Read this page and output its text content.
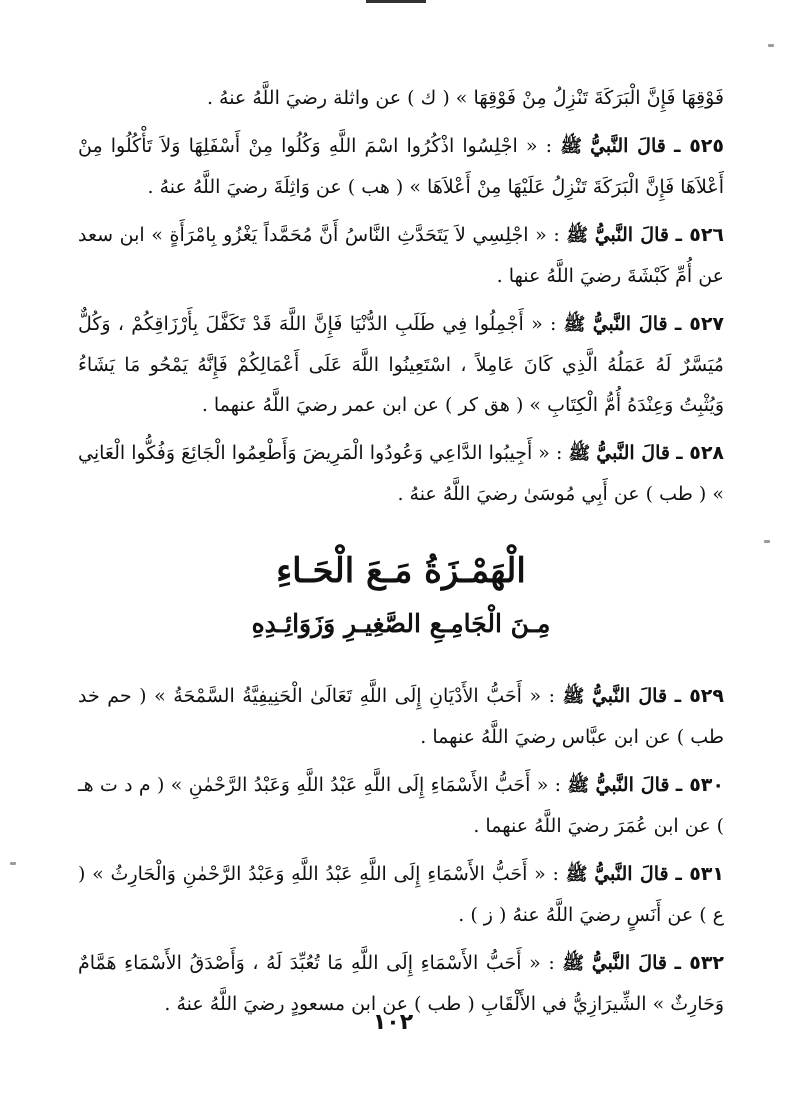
فَوْقِهَا فَإِنَّ الْبَرَكَةَ تَنْزِلُ مِنْ فَوْقِهَا » ( ك ) عن واثلة رضيَ اللَّهُ عنهُ .

٥٢٥ ـ قالَ النَّبيُّ ﷺ : « اجْلِسُوا اذْكُرُوا اسْمَ اللَّهِ وَكُلُوا مِنْ أَسْفَلِهَا وَلاَ تَأْكُلُوا مِنْ أَعْلاَهَا فَإِنَّ الْبَرَكَةَ تَنْزِلُ عَلَيْهَا مِنْ أَعْلاَهَا » ( هب ) عن وَاثِلَةَ رضيَ اللَّهُ عنهُ .

٥٢٦ ـ قالَ النَّبيُّ ﷺ : « اجْلِسِي لاَ يَتَحَدَّثِ النَّاسُ أَنَّ مُحَمَّداً يَغْزُو بِامْرَأَةٍ » ابن سعد عن أُمِّ كَبْشَةَ رضيَ اللَّهُ عنها .

٥٢٧ ـ قالَ النَّبيُّ ﷺ : « أَجْمِلُوا فِي طَلَبِ الدُّنْيَا فَإِنَّ اللَّهَ قَدْ تَكَفَّلَ بِأَرْزَاقِكُمْ ، وَكُلٌّ مُيَسَّرٌ لَهُ عَمَلُهُ الَّذِي كَانَ عَامِلاً ، اسْتَعِينُوا اللَّهَ عَلَى أَعْمَالِكُمْ فَإِنَّهُ يَمْحُو مَا يَشَاءُ وَيُثْبِتُ وَعِنْدَهُ أُمُّ الْكِتَابِ » ( هق كر ) عن ابن عمر رضيَ اللَّهُ عنهما .

٥٢٨ ـ قالَ النَّبيُّ ﷺ : « أَجِيبُوا الدَّاعِي وَعُودُوا الْمَرِيضَ وَأَطْعِمُوا الْجَائِعَ وَفُكُّوا الْعَانِي » ( طب ) عن أَبِي مُوسَىٰ رضيَ اللَّهُ عنهُ .

الْهَمْـزَةُ مَـعَ الْحَـاءِ
مِـنَ الْجَامِـعِ الصَّغِيـرِ وَزَوَائِـدِهِ

٥٢٩ ـ قالَ النَّبيُّ ﷺ : « أَحَبُّ الأَدْيَانِ إِلَى اللَّهِ تَعَالَىٰ الْحَنِيفِيَّةُ السَّمْحَةُ » ( حم خد طب ) عن ابن عبَّاس رضيَ اللَّهُ عنهما .

٥٣٠ ـ قالَ النَّبيُّ ﷺ : « أَحَبُّ الأَسْمَاءِ إِلَى اللَّهِ عَبْدُ اللَّهِ وَعَبْدُ الرَّحْمٰنِ » ( م د ت هـ ) عن ابن عُمَرَ رضيَ اللَّهُ عنهما .

٥٣١ ـ قالَ النَّبيُّ ﷺ : « أَحَبُّ الأَسْمَاءِ إِلَى اللَّهِ عَبْدُ اللَّهِ وَعَبْدُ الرَّحْمٰنِ وَالْحَارِثُ » ( ع ) عن أَنَسٍ رضيَ اللَّهُ عنهُ ( ز ) .

٥٣٢ ـ قالَ النَّبيُّ ﷺ : « أَحَبُّ الأَسْمَاءِ إِلَى اللَّهِ مَا تُعُبِّدَ لَهُ ، وَأَصْدَقُ الأَسْمَاءِ هَمَّامٌ وَحَارِثٌ » الشِّيرَازِيُّ في الأَلْقَابِ ( طب ) عن ابن مسعودٍ رضيَ اللَّهُ عنهُ .

١٠٢
